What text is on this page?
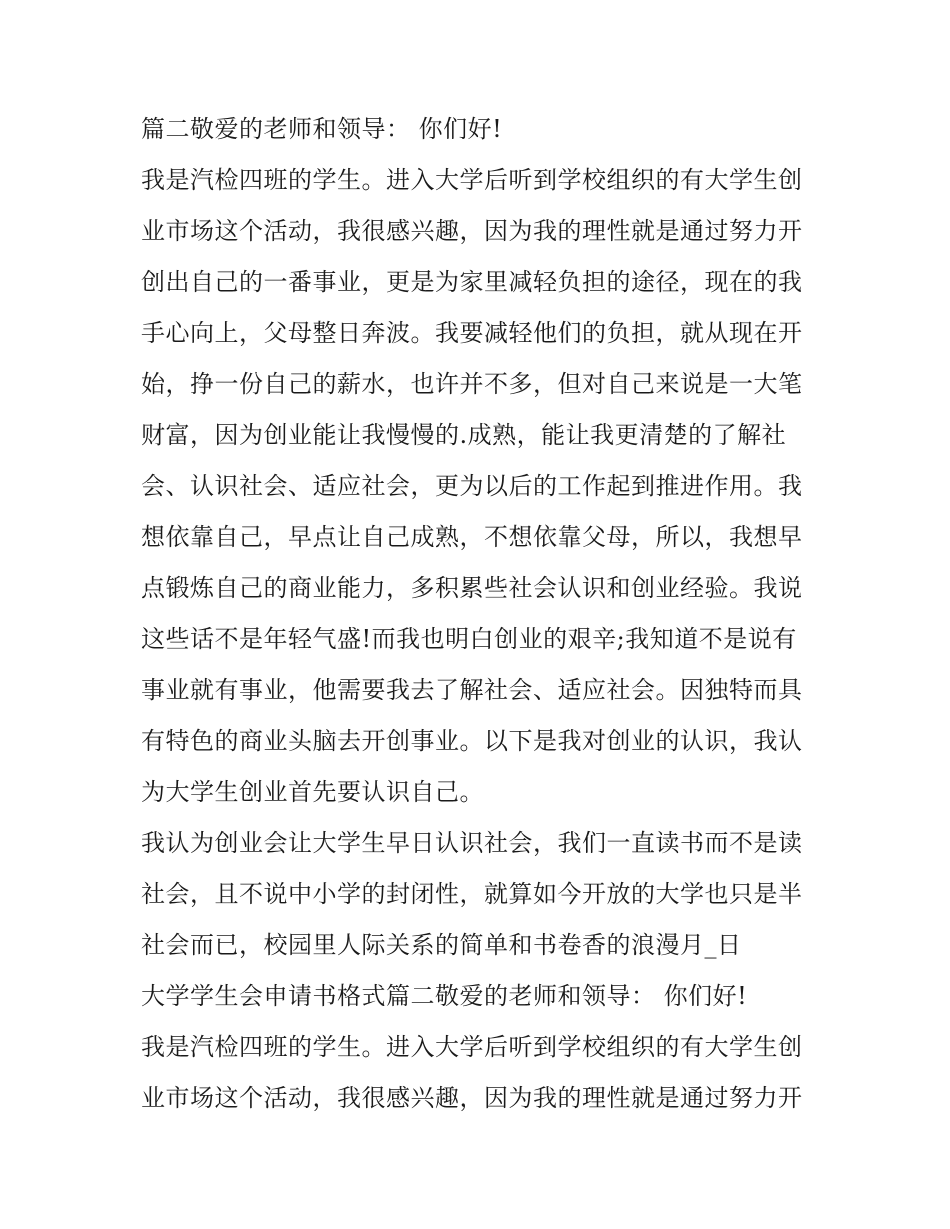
篇二敬爱的老师和领导： 你们好!
我是汽检四班的学生。进入大学后听到学校组织的有大学生创
业市场这个活动，我很感兴趣，因为我的理性就是通过努力开
创出自己的一番事业，更是为家里减轻负担的途径，现在的我
手心向上，父母整日奔波。我要减轻他们的负担，就从现在开
始，挣一份自己的薪水，也许并不多，但对自己来说是一大笔
财富，因为创业能让我慢慢的.成熟，能让我更清楚的了解社
会、认识社会、适应社会，更为以后的工作起到推进作用。我
想依靠自己，早点让自己成熟，不想依靠父母，所以，我想早
点锻炼自己的商业能力，多积累些社会认识和创业经验。我说
这些话不是年轻气盛!而我也明白创业的艰辛;我知道不是说有
事业就有事业，他需要我去了解社会、适应社会。因独特而具
有特色的商业头脑去开创事业。以下是我对创业的认识，我认
为大学生创业首先要认识自己。
我认为创业会让大学生早日认识社会，我们一直读书而不是读
社会，且不说中小学的封闭性，就算如今开放的大学也只是半
社会而已，校园里人际关系的简单和书卷香的浪漫月_日
大学学生会申请书格式篇二敬爱的老师和领导： 你们好!
我是汽检四班的学生。进入大学后听到学校组织的有大学生创
业市场这个活动，我很感兴趣，因为我的理性就是通过努力开
